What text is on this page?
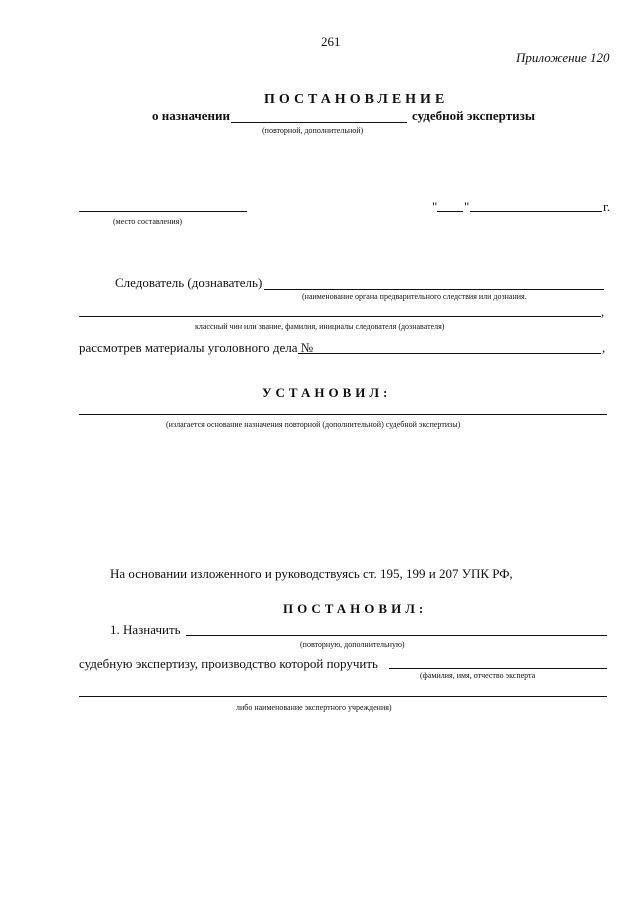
261
Приложение 120
ПОСТАНОВЛЕНИЕ
о назначении	судебной экспертизы
(повторной, дополнительной)
(место составления)
" "	г.
Следователь (дознаватель)
(наименование органа предварительного следствия или дознания.
,
классный чин или звание, фамилия, инициалы следователя (дознавателя)
рассмотрев материалы уголовного дела №	,
УСТАНОВИЛ:
(излагается основание назначения повторной (дополнительной) судебной экспертизы)
На основании изложенного и руководствуясь ст. 195, 199 и 207 УПК РФ,
ПОСТАНОВИЛ:
1. Назначить
(повторную, дополнительную)
судебную экспертизу, производство которой поручить
(фамилия, имя, отчество эксперта
либо наименование экспертного учреждения)
